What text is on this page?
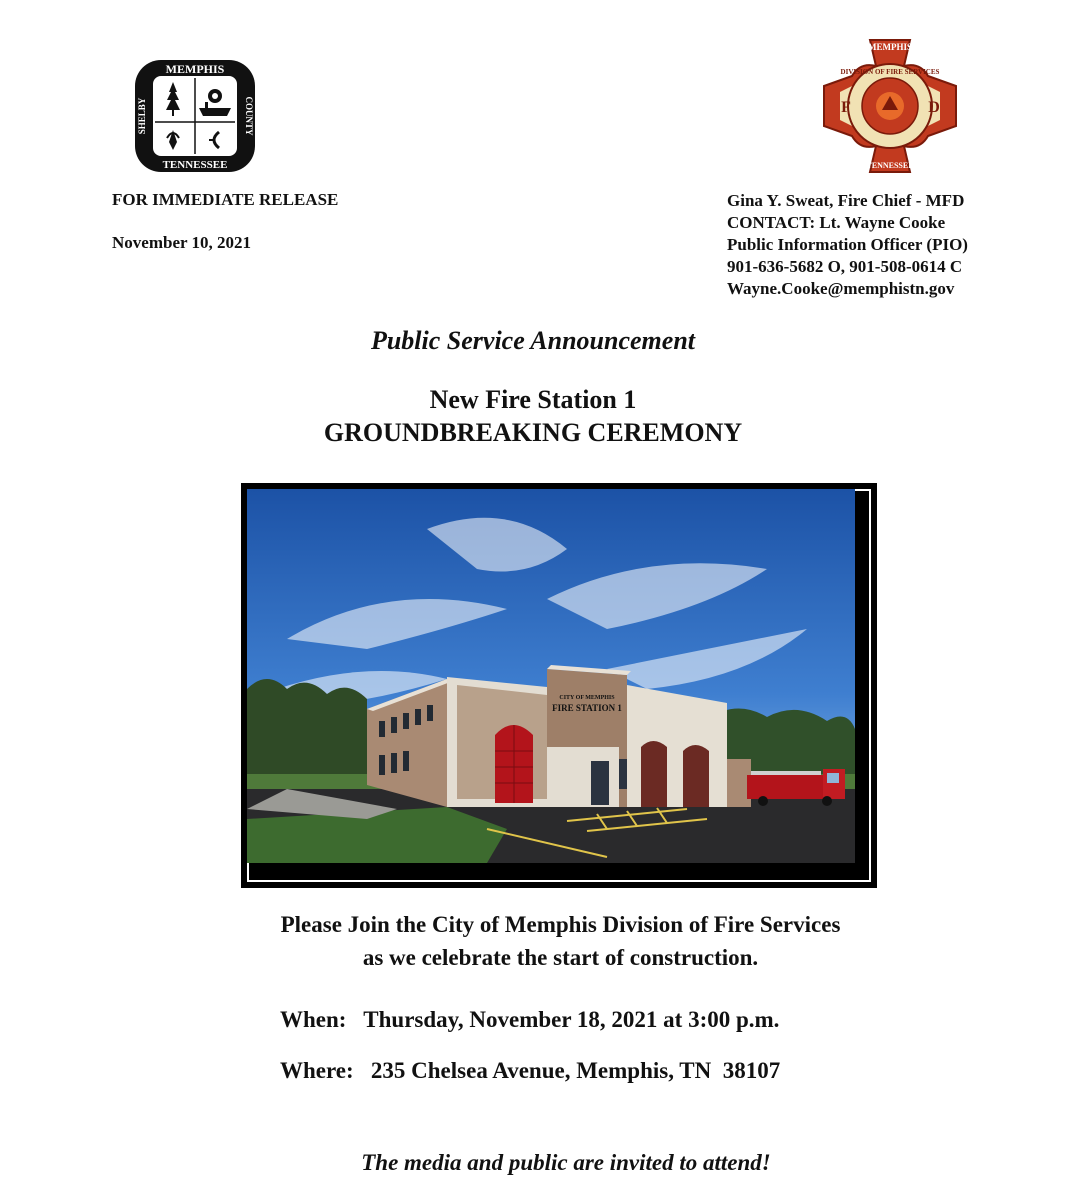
MEMPHIS
TENNESSEE
SHELBY	COUNTY
MEMPHIS
TENNESSEE
DIVISION OF FIRE SERVICES
F	D
FOR IMMEDIATE RELEASE
November 10, 2021
Gina Y. Sweat, Fire Chief - MFD
CONTACT: Lt. Wayne Cooke
Public Information Officer (PIO)
901-636-5682 O, 901-508-0614 C
Wayne.Cooke@memphistn.gov
Public Service Announcement
New Fire Station 1
GROUNDBREAKING CEREMONY
CITY OF MEMPHIS
FIRE STATION 1
Please Join the City of Memphis Division of Fire Services
as we celebrate the start of construction.
When:   Thursday, November 18, 2021 at 3:00 p.m.
Where:   235 Chelsea Avenue, Memphis, TN  38107
The media and public are invited to attend!
